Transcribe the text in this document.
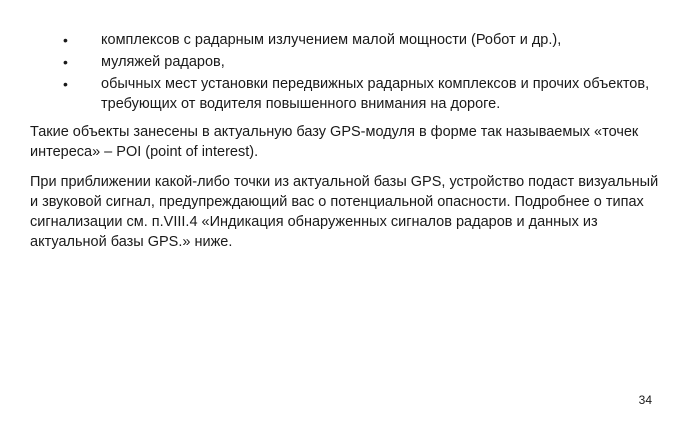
• комплексов с радарным излучением малой мощности (Робот и др.),
• муляжей радаров,
• обычных мест установки передвижных радарных комплексов и прочих объектов, требующих от водителя повышенного внимания на дороге.

Такие объекты занесены в актуальную базу GPS-модуля в форме так называемых «точек интереса» – POI (point of interest).

При приближении какой-либо точки из актуальной базы GPS, устройство подаст визуальный и звуковой сигнал, предупреждающий вас о потенциальной опасности. Подробнее о типах сигнализации см. п.VIII.4 «Индикация обнаруженных сигналов радаров и данных из актуальной базы GPS.» ниже.

34
